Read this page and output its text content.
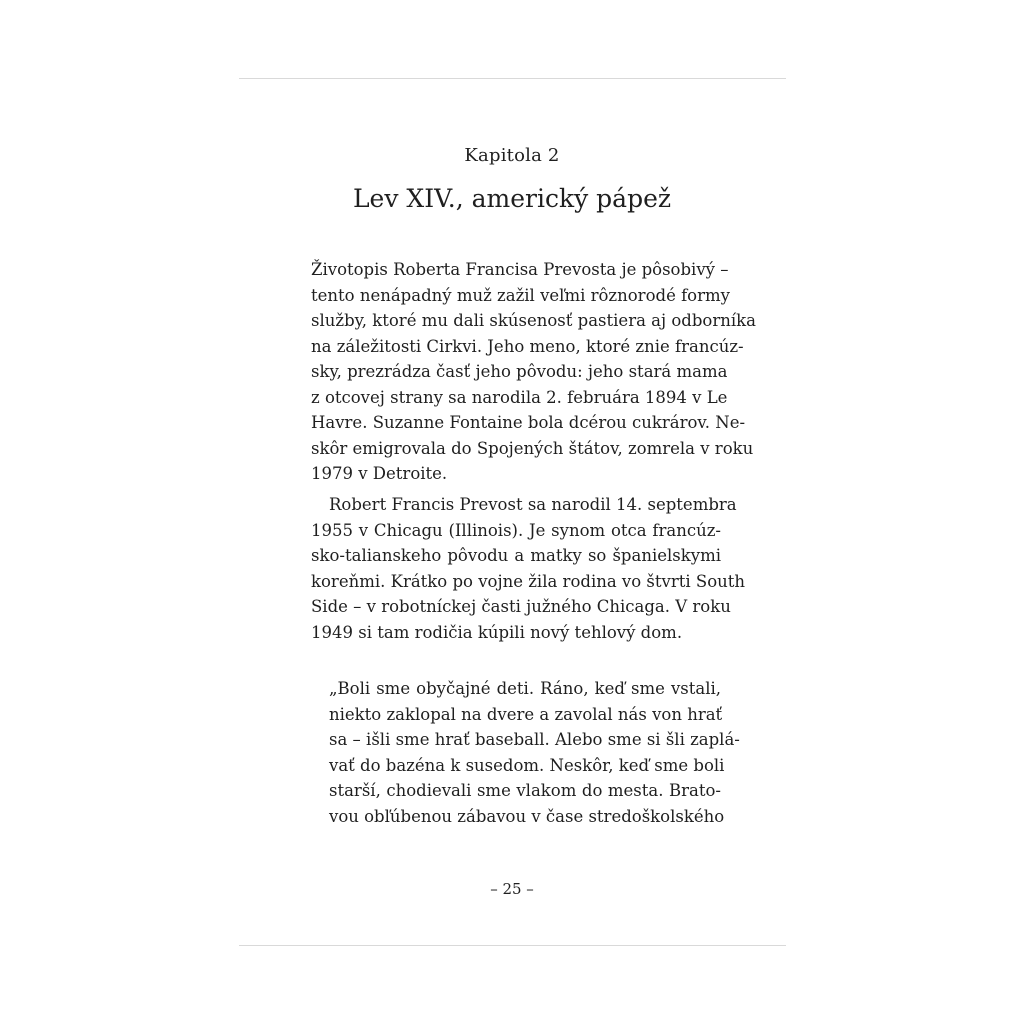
Kapitola 2
Lev XIV., americký pápež
Životopis Roberta Francisa Prevosta je pôsobivý –
tento nenápadný muž zažil veľmi rôznorodé formy
služby, ktoré mu dali skúsenosť pastiera aj odborníka
na záležitosti Cirkvi. Jeho meno, ktoré znie francúz-
sky, prezrádza časť jeho pôvodu: jeho stará mama
z otcovej strany sa narodila 2. februára 1894 v Le
Havre. Suzanne Fontaine bola dcérou cukrárov. Ne-
skôr emigrovala do Spojených štátov, zomrela v roku
1979 v Detroite.
Robert Francis Prevost sa narodil 14. septembra
1955 v Chicagu (Illinois). Je synom otca francúz-
sko-talianskeho pôvodu a matky so španielskymi
koreňmi. Krátko po vojne žila rodina vo štvrti South
Side – v robotníckej časti južného Chicaga. V roku
1949 si tam rodičia kúpili nový tehlový dom.
„Boli sme obyčajné deti. Ráno, keď sme vstali,
niekto zaklopal na dvere a zavolal nás von hrať
sa – išli sme hrať baseball. Alebo sme si šli zaplá-
vať do bazéna k susedom. Neskôr, keď sme boli
starší, chodievali sme vlakom do mesta. Brato-
vou obľúbenou zábavou v čase stredoškolského
– 25 –
